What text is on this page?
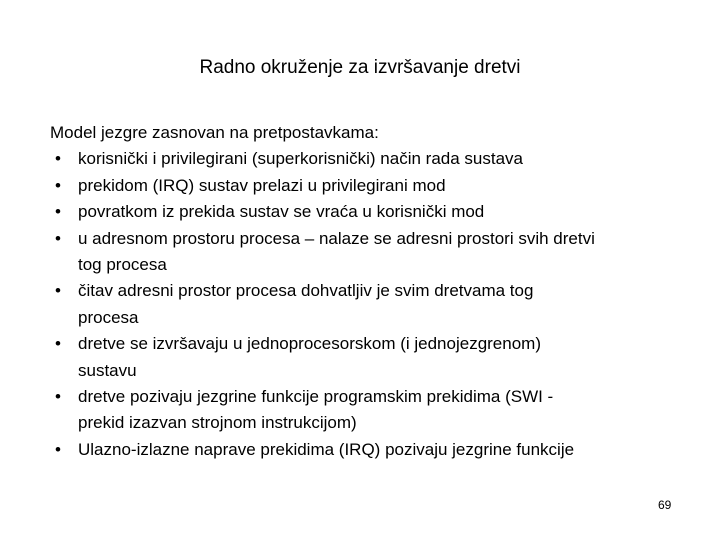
Radno okruženje za izvršavanje dretvi

Model jezgre zasnovan na pretpostavkama:

• korisnički i privilegirani (superkorisnički) način rada sustava
• prekidom (IRQ) sustav prelazi u privilegirani mod
• povratkom iz prekida sustav se vraća u korisnički mod
• u adresnom prostoru procesa – nalaze se adresni prostori svih dretvi
tog procesa
• čitav adresni prostor procesa dohvatljiv je svim dretvama tog
procesa
• dretve se izvršavaju u jednoprocesorskom (i jednojezgrenom)
sustavu
• dretve pozivaju jezgrine funkcije programskim prekidima (SWI -
prekid izazvan strojnom instrukcijom)
• Ulazno-izlazne naprave prekidima (IRQ) pozivaju jezgrine funkcije
69
